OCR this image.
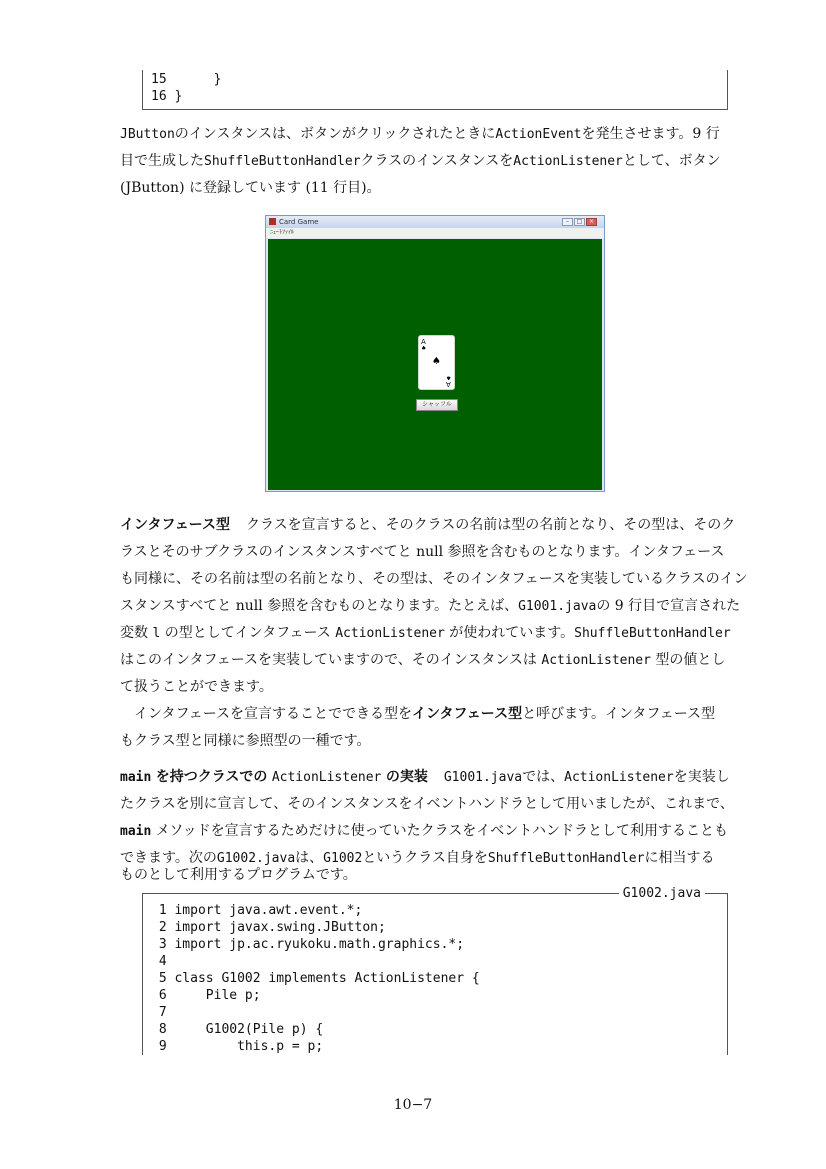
15      }
16 }
JButtonのインスタンスは、ボタンがクリックされたときにActionEventを発生させます。9 行
目で生成したShuffleButtonHandlerクラスのインスタンスをActionListenerとして、ボタン
(JButton) に登録しています (11 行目)。
Card Game	–	□	×
ﾆｭｰﾄﾌｧｲﾙ
A
♠
♠
♠
A
シャッフル
インタフェース型 クラスを宣言すると、そのクラスの名前は型の名前となり、その型は、そのク
ラスとそのサブクラスのインスタンスすべてと null 参照を含むものとなります。インタフェース
も同様に、その名前は型の名前となり、その型は、そのインタフェースを実装しているクラスのイン
スタンスすべてと null 参照を含むものとなります。たとえば、G1001.javaの 9 行目で宣言された
変数 l の型としてインタフェース ActionListener が使われています。ShuffleButtonHandler
はこのインタフェースを実装していますので、そのインスタンスは ActionListener 型の値とし
て扱うことができます。
インタフェースを宣言することでできる型をインタフェース型と呼びます。インタフェース型
もクラス型と同様に参照型の一種です。
main を持つクラスでの ActionListener の実装 G1001.javaでは、ActionListenerを実装し
たクラスを別に宣言して、そのインスタンスをイベントハンドラとして用いましたが、これまで、
main メソッドを宣言するためだけに使っていたクラスをイベントハンドラとして利用することも
できます。次のG1002.javaは、G1002というクラス自身をShuffleButtonHandlerに相当する
ものとして利用するプログラムです。
G1002.java
1 import java.awt.event.*;
2 import javax.swing.JButton;
3 import jp.ac.ryukoku.math.graphics.*;
4
5 class G1002 implements ActionListener {
6     Pile p;
7
8     G1002(Pile p) {
9         this.p = p;
10−7
